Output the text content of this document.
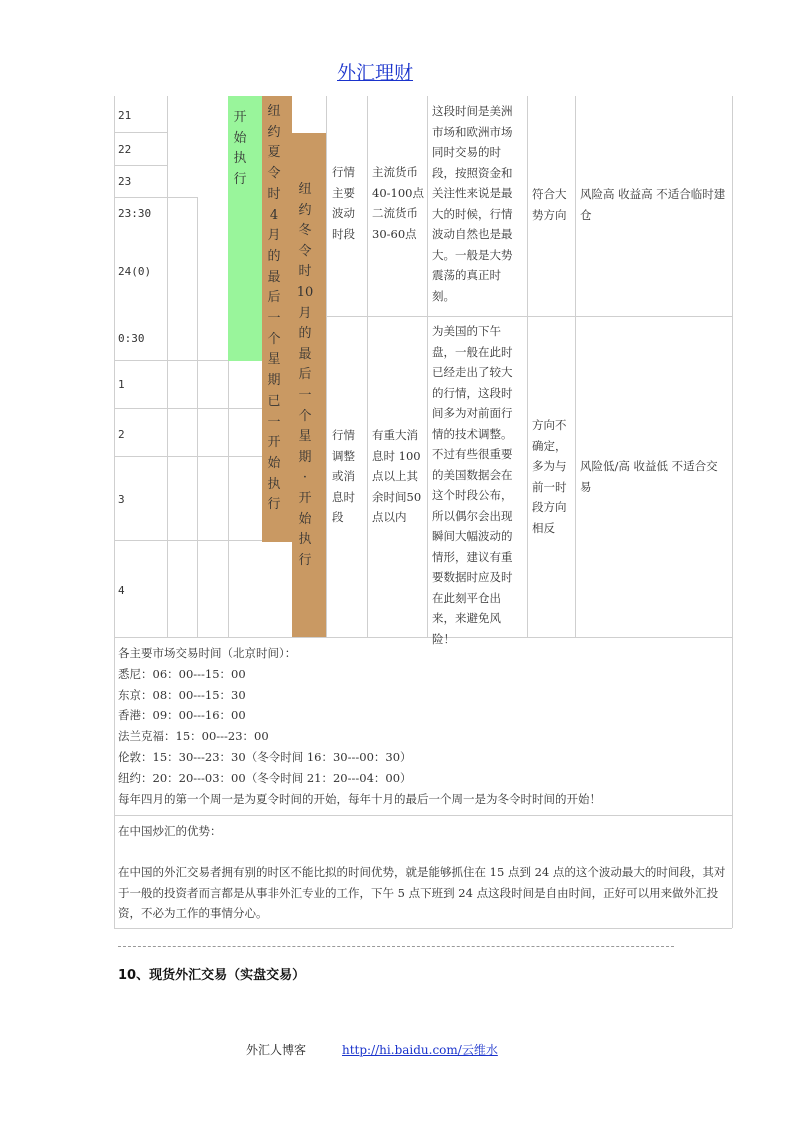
外汇理财
21
22
23
23:30
24(0)
0:30
1
2
3
4
开
始
执
行
纽
约
夏
令
时
4
月
的
最
后
一
个
星
期
已
一
开
始
执
行
纽
约
冬
令
时
10
月
的
最
后
一
个
星
期
·
开
始
执
行
行情主要波动时段
主流货币40-100点二流货币30-60点
这段时间是美洲市场和欧洲市场同时交易的时段，按照资金和关注性来说是最大的时候，行情波动自然也是最大。一般是大势震荡的真正时刻。
符合大势方向
风险高 收益高 不适合临时建仓
行情调整或消息时段
有重大消息时 100点以上其余时间50点以内
为美国的下午盘，一般在此时已经走出了较大的行情，这段时间多为对前面行情的技术调整。不过有些很重要的美国数据会在这个时段公布，所以偶尔会出现瞬间大幅波动的情形，建议有重要数据时应及时在此刻平仓出来，来避免风险！
方向不确定，多为与前一时段方向相反
风险低/高 收益低 不适合交易
各主要市场交易时间（北京时间）：
悉尼：06：00---15：00
东京：08：00---15：30
香港：09：00---16：00
法兰克福：15：00---23：00
伦敦：15：30---23：30（冬令时间 16：30---00：30）
纽约：20：20---03：00（冬令时间 21：20---04：00）
每年四月的第一个周一是为夏令时间的开始，每年十月的最后一个周一是为冬令时时间的开始！
在中国炒汇的优势：
在中国的外汇交易者拥有别的时区不能比拟的时间优势，就是能够抓住在 15 点到 24 点的这个波动最大的时间段，其对于一般的投资者而言都是从事非外汇专业的工作，下午 5 点下班到 24 点这段时间是自由时间，正好可以用来做外汇投资，不必为工作的事情分心。
10、现货外汇交易（实盘交易）
外汇人博客	http://hi.baidu.com/云维水
